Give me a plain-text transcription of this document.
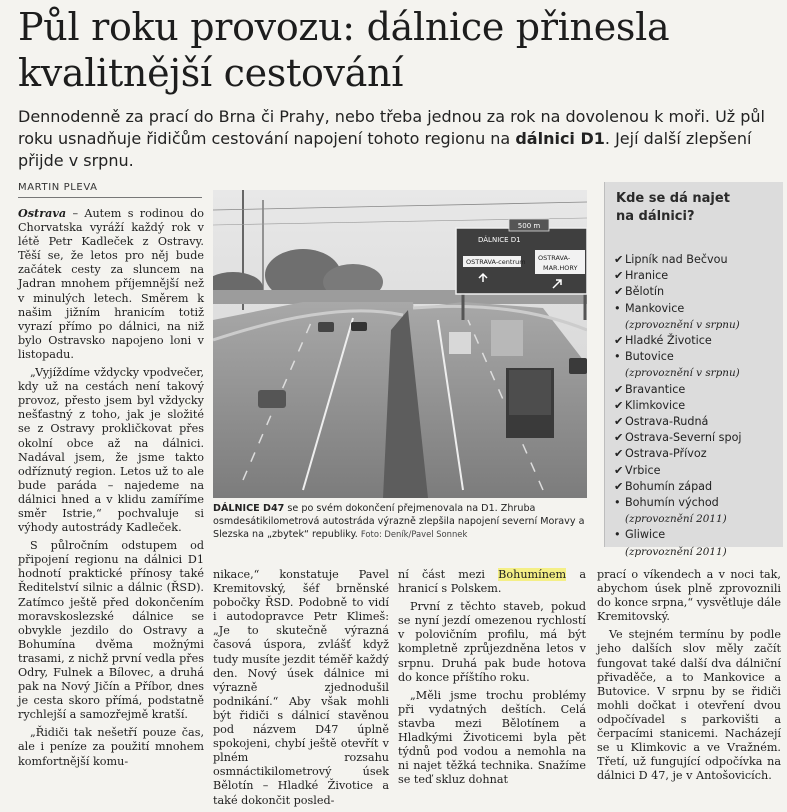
Půl roku provozu: dálnice přinesla
kvalitnější cestování
Dennodenně za prací do Brna či Prahy, nebo třeba jednou za rok na dovolenou k moři. Už půl roku usnadňuje řidičům cestování napojení tohoto regionu na dálnici D1. Její další zlepšení přijde v srpnu.
MARTIN PLEVA

Ostrava – Autem s rodinou do Chorvatska vyráží každý rok v létě Petr Kadleček z Ostravy. Těší se, že letos pro něj bude začátek cesty za sluncem na Jadran mnohem příjemnější než v minulých letech. Směrem k našim jižním hranicím totiž vyrazí přímo po dálnici, na niž bylo Ostravsko napojeno loni v listopadu.

„Vyjíždíme vždycky vpodvečer, kdy už na cestách není takový provoz, přesto jsem byl vždycky nešťastný z toho, jak je složité se z Ostravy prokličkovat přes okolní obce až na dálnici. Nadával jsem, že jsme takto odříznutý region. Letos už to ale bude paráda – najedeme na dálnici hned a v klidu zamíříme směr Istrie,“ pochvaluje si výhody autostrády Kadleček.

S půlročním odstupem od připojení regionu na dálnici D1 hodnotí praktické přínosy také Ředitelství silnic a dálnic (ŘSD). Zatímco ještě před dokončením moravskoslezské dálnice se obvykle jezdilo do Ostravy a Bohumína dvěma možnými trasami, z nichž první vedla přes Odry, Fulnek a Bílovec, a druhá pak na Nový Jičín a Příbor, dnes je cesta skoro přímá, podstatně rychlejší a samozřejmě kratší.

„Řidiči tak nešetří pouze čas, ale i peníze za použití mnohem komfortnější komu-

500 m
DÁLNICE D1
OSTRAVA-centrum OSTRAVA-
MAR.HORY
DÁLNICE D47 se po svém dokončení přejmenovala na D1. Zhruba osmdesátikilometrová autostráda výrazně zlepšila napojení severní Moravy a Slezska na „zbytek“ republiky. Foto: Deník/Pavel Sonnek
Kde se dá najet
na dálnici?
✔ Lipník nad Bečvou
✔ Hranice
✔ Bělotín
• Mankovice
(zprovoznění v srpnu)
✔ Hladké Životice
• Butovice
(zprovoznění v srpnu)
✔ Bravantice
✔ Klimkovice
✔ Ostrava-Rudná
✔ Ostrava-Severní spoj
✔ Ostrava-Přívoz
✔ Vrbice
✔ Bohumín západ
• Bohumín východ
(zprovoznění 2011)
• Gliwice
(zprovoznění 2011)

nikace,“ konstatuje Pavel Kremitovský, šéf brněnské pobočky ŘSD. Podobně to vidí i autodopravce Petr Klimeš: „Je to skutečně výrazná časová úspora, zvlášť když tudy musíte jezdit téměř každý den. Nový úsek dálnice mi výrazně zjednodušil podnikání.“ Aby však mohli být řidiči s dálnicí stavěnou pod názvem D47 úplně spokojeni, chybí ještě otevřít v plném rozsahu osmnáctikilometrový úsek Bělotín – Hladké Životice a také dokončit posled-

ní část mezi Bohumínem a hranicí s Polskem.

První z těchto staveb, pokud se nyní jezdí omezenou rychlostí v polovičním profilu, má být kompletně zprůjezdněna letos v srpnu. Druhá pak bude hotova do konce příštího roku.

„Měli jsme trochu problémy při vydatných deštích. Celá stavba mezi Bělotínem a Hladkými Životicemi byla pět týdnů pod vodou a nemohla na ni najet těžká technika. Snažíme se teď skluz dohnat

prací o víkendech a v noci tak, abychom úsek plně zprovoznili do konce srpna,“ vysvětluje dále Kremitovský.

Ve stejném termínu by podle jeho dalších slov měly začít fungovat také další dva dálniční přivaděče, a to Mankovice a Butovice. V srpnu by se řidiči mohli dočkat i otevření dvou odpočívadel s parkovišti a čerpacími stanicemi. Nacházejí se u Klimkovic a ve Vražném. Třetí, už fungující odpočívka na dálnici D 47, je v Antošovicích.
